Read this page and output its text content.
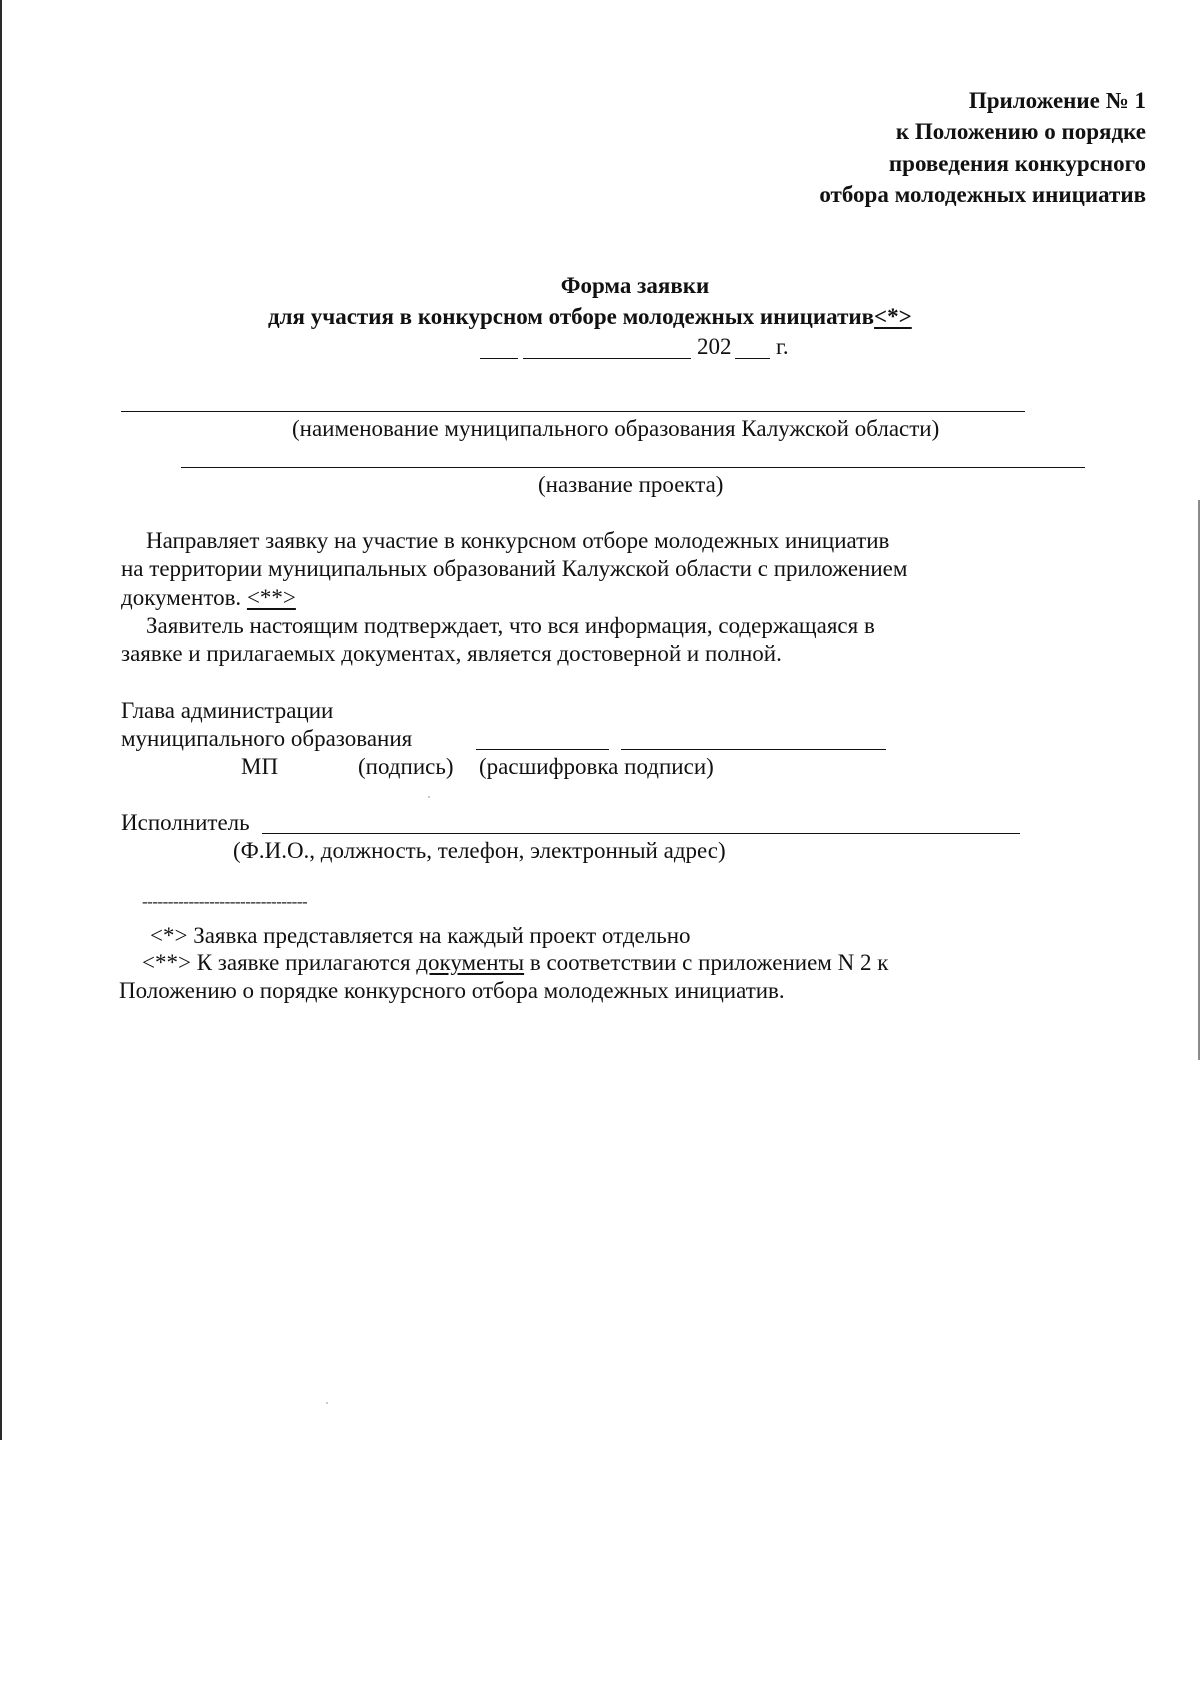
Приложение № 1
к Положению о порядке
проведения конкурсного
отбора молодежных инициатив
Форма заявки
для участия в конкурсном отборе молодежных инициатив<*>
202 г.
(наименование муниципального образования Калужской области)
(название проекта)
Направляет заявку на участие в конкурсном отборе молодежных инициатив
на территории муниципальных образований Калужской области с приложением
документов. <**>
Заявитель настоящим подтверждает, что вся информация, содержащаяся в
заявке и прилагаемых документах, является достоверной и полной.
Глава администрации
муниципального образования
МП	(подпись) (расшифровка подписи)
Исполнитель
(Ф.И.О., должность, телефон, электронный адрес)
--------------------------------
<*> Заявка представляется на каждый проект отдельно
<**> К заявке прилагаются документы в соответствии с приложением N 2 к
Положению о порядке конкурсного отбора молодежных инициатив.
